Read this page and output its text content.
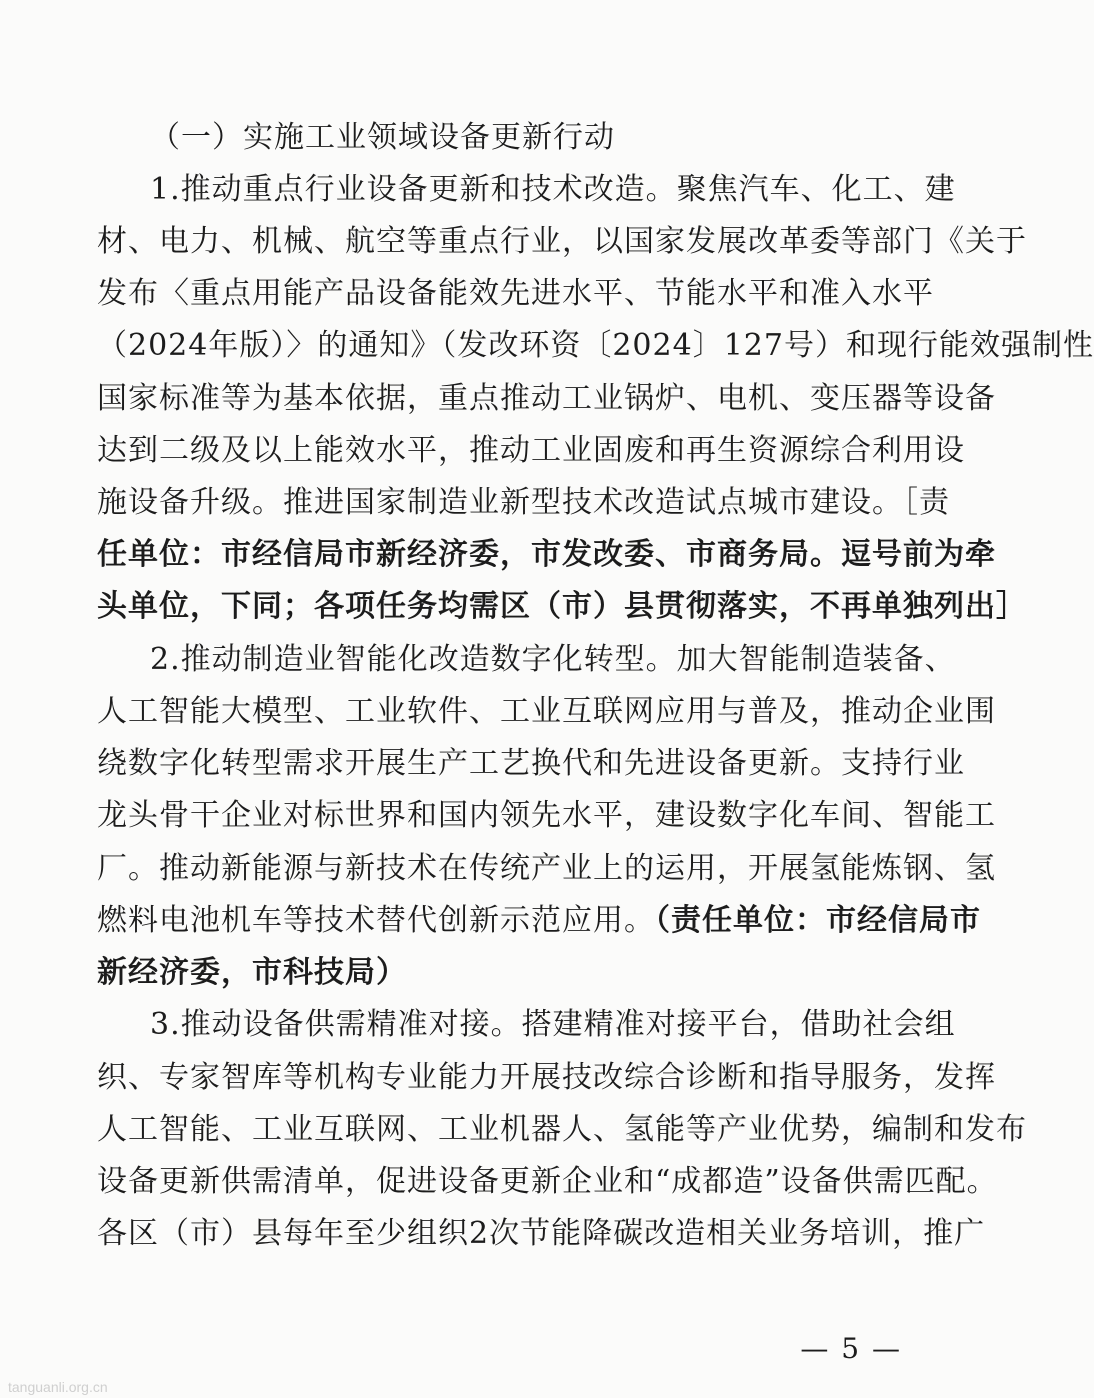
（一）实施工业领域设备更新行动
1.推动重点行业设备更新和技术改造。聚焦汽车、化工、建
材、电力、机械、航空等重点行业，以国家发展改革委等部门《关于
发布〈重点用能产品设备能效先进水平、节能水平和准入水平
（2024年版）〉的通知》（发改环资〔2024〕127号）和现行能效强制性
国家标准等为基本依据，重点推动工业锅炉、电机、变压器等设备
达到二级及以上能效水平，推动工业固废和再生资源综合利用设
施设备升级。推进国家制造业新型技术改造试点城市建设。［责
任单位：市经信局市新经济委，市发改委、市商务局。逗号前为牵
头单位，下同；各项任务均需区（市）县贯彻落实，不再单独列出］
2.推动制造业智能化改造数字化转型。加大智能制造装备、
人工智能大模型、工业软件、工业互联网应用与普及，推动企业围
绕数字化转型需求开展生产工艺换代和先进设备更新。支持行业
龙头骨干企业对标世界和国内领先水平，建设数字化车间、智能工
厂。推动新能源与新技术在传统产业上的运用，开展氢能炼钢、氢
燃料电池机车等技术替代创新示范应用。（责任单位：市经信局市
新经济委，市科技局）
3.推动设备供需精准对接。搭建精准对接平台，借助社会组
织、专家智库等机构专业能力开展技改综合诊断和指导服务，发挥
人工智能、工业互联网、工业机器人、氢能等产业优势，编制和发布
设备更新供需清单，促进设备更新企业和“成都造”设备供需匹配。
各区（市）县每年至少组织2次节能降碳改造相关业务培训，推广
— 5 —
tanguanli.org.cn
